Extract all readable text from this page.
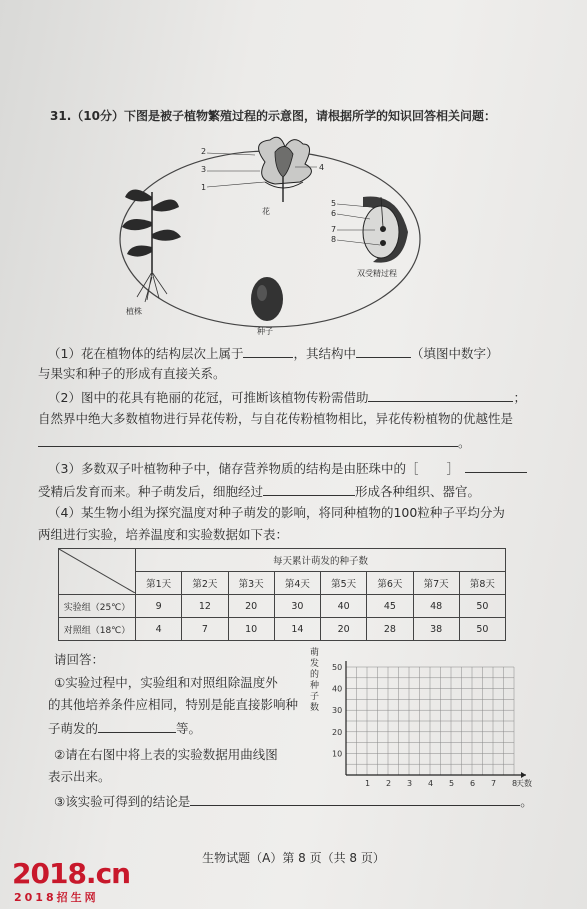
31.（10分）下图是被子植物繁殖过程的示意图，请根据所学的知识回答相关问题：
2
3
1
4
5
6
7
8
花
植株
种子
双受精过程
（1）花在植物体的结构层次上属于	，其结构中	（填图中数字）
与果实和种子的形成有直接关系。
（2）图中的花具有艳丽的花冠，可推断该植物传粉需借助	；
自然界中绝大多数植物进行异花传粉，与自花传粉植物相比，异花传粉植物的优越性是
。
（3）多数双子叶植物种子中，储存营养物质的结构是由胚珠中的［ ］
受精后发育而来。种子萌发后，细胞经过	形成各种组织、器官。
（4）某生物小组为探究温度对种子萌发的影响，将同种植物的100粒种子平均分为
两组进行实验，培养温度和实验数据如下表：
	每天累计萌发的种子数							
	第1天	第2天	第3天	第4天	第5天	第6天	第7天	第8天
实验组（25℃）	9	12	20	30	40	45	48	50
对照组（18℃）	4	7	10	14	20	28	38	50
请回答：
①实验过程中，实验组和对照组除温度外
的其他培养条件应相同，特别是能直接影响种
子萌发的	等。
②请在右图中将上表的实验数据用曲线图
表示出来。
③该实验可得到的结论是	。
萌发的种子数
1 2 3 4 5 6 7 8
天数
10
20
30
40
50
生物试题（A）第 8 页（共 8 页）
2018.cn
2018招生网
